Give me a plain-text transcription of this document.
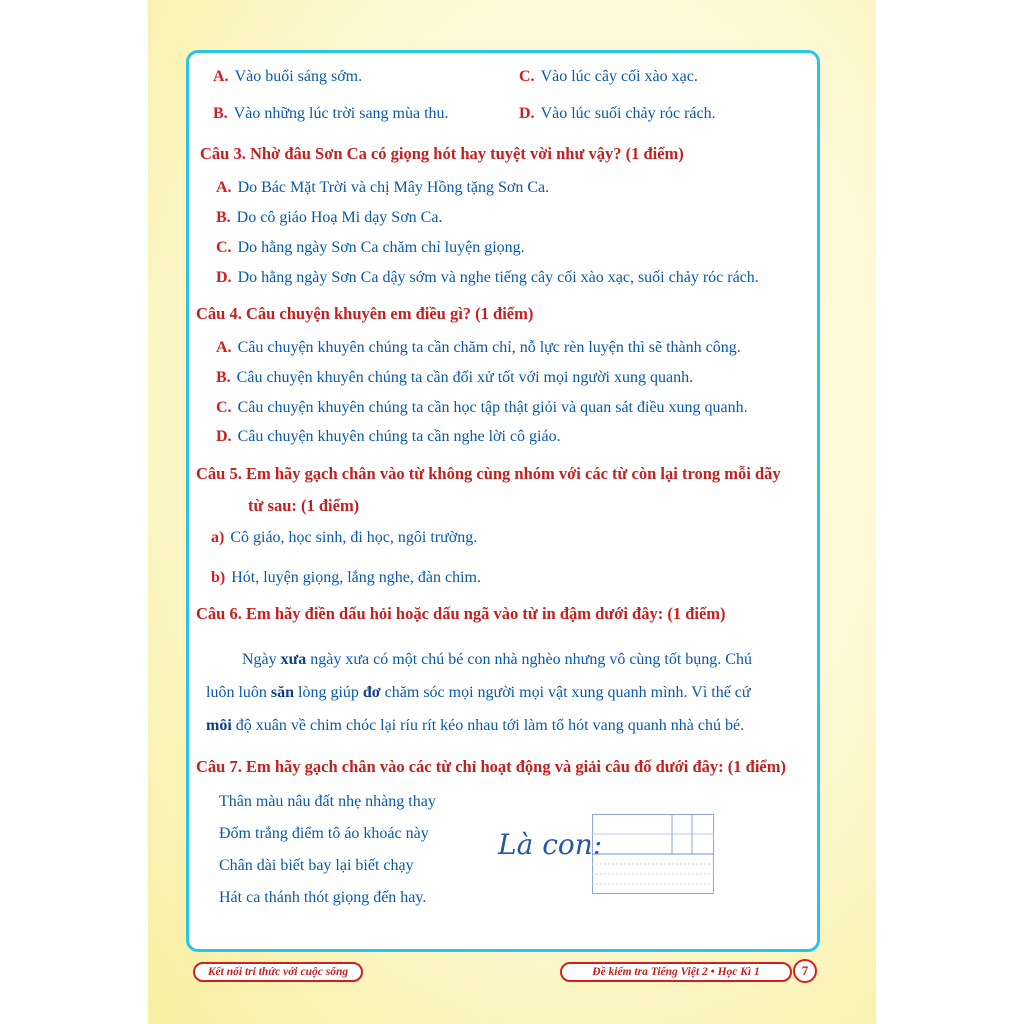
A. Vào buổi sáng sớm.	C. Vào lúc cây cối xào xạc.
B. Vào những lúc trời sang mùa thu.	D. Vào lúc suối chảy róc rách.
Câu 3. Nhờ đâu Sơn Ca có giọng hót hay tuyệt vời như vậy? (1 điểm)
A. Do Bác Mặt Trời và chị Mây Hồng tặng Sơn Ca.
B. Do cô giáo Hoạ Mi dạy Sơn Ca.
C. Do hằng ngày Sơn Ca chăm chỉ luyện giọng.
D. Do hằng ngày Sơn Ca dậy sớm và nghe tiếng cây cối xào xạc, suối chảy róc rách.
Câu 4. Câu chuyện khuyên em điều gì? (1 điểm)
A. Câu chuyện khuyên chúng ta cần chăm chỉ, nỗ lực rèn luyện thì sẽ thành công.
B. Câu chuyện khuyên chúng ta cần đối xử tốt với mọi người xung quanh.
C. Câu chuyện khuyên chúng ta cần học tập thật giỏi và quan sát điều xung quanh.
D. Câu chuyện khuyên chúng ta cần nghe lời cô giáo.
Câu 5. Em hãy gạch chân vào từ không cùng nhóm với các từ còn lại trong mỗi dãy
từ sau: (1 điểm)
a) Cô giáo, học sinh, đi học, ngôi trường.
b) Hót, luyện giọng, lắng nghe, đàn chim.
Câu 6. Em hãy điền dấu hỏi hoặc dấu ngã vào từ in đậm dưới đây: (1 điểm)
Ngày xưa ngày xưa có một chú bé con nhà nghèo nhưng vô cùng tốt bụng. Chú
luôn luôn săn lòng giúp đơ chăm sóc mọi người mọi vật xung quanh mình. Vì thế cứ
môi độ xuân về chim chóc lại ríu rít kéo nhau tới làm tổ hót vang quanh nhà chú bé.
Câu 7. Em hãy gạch chân vào các từ chỉ hoạt động và giải câu đố dưới đây: (1 điểm)
Thân màu nâu đất nhẹ nhàng thay
Đốm trắng điểm tô áo khoác này
Chân dài biết bay lại biết chạy
Hát ca thánh thót giọng đến hay.
Là con:
Kết nối tri thức với cuộc sống	Đề kiểm tra Tiếng Việt 2 • Học Kì 1	7
